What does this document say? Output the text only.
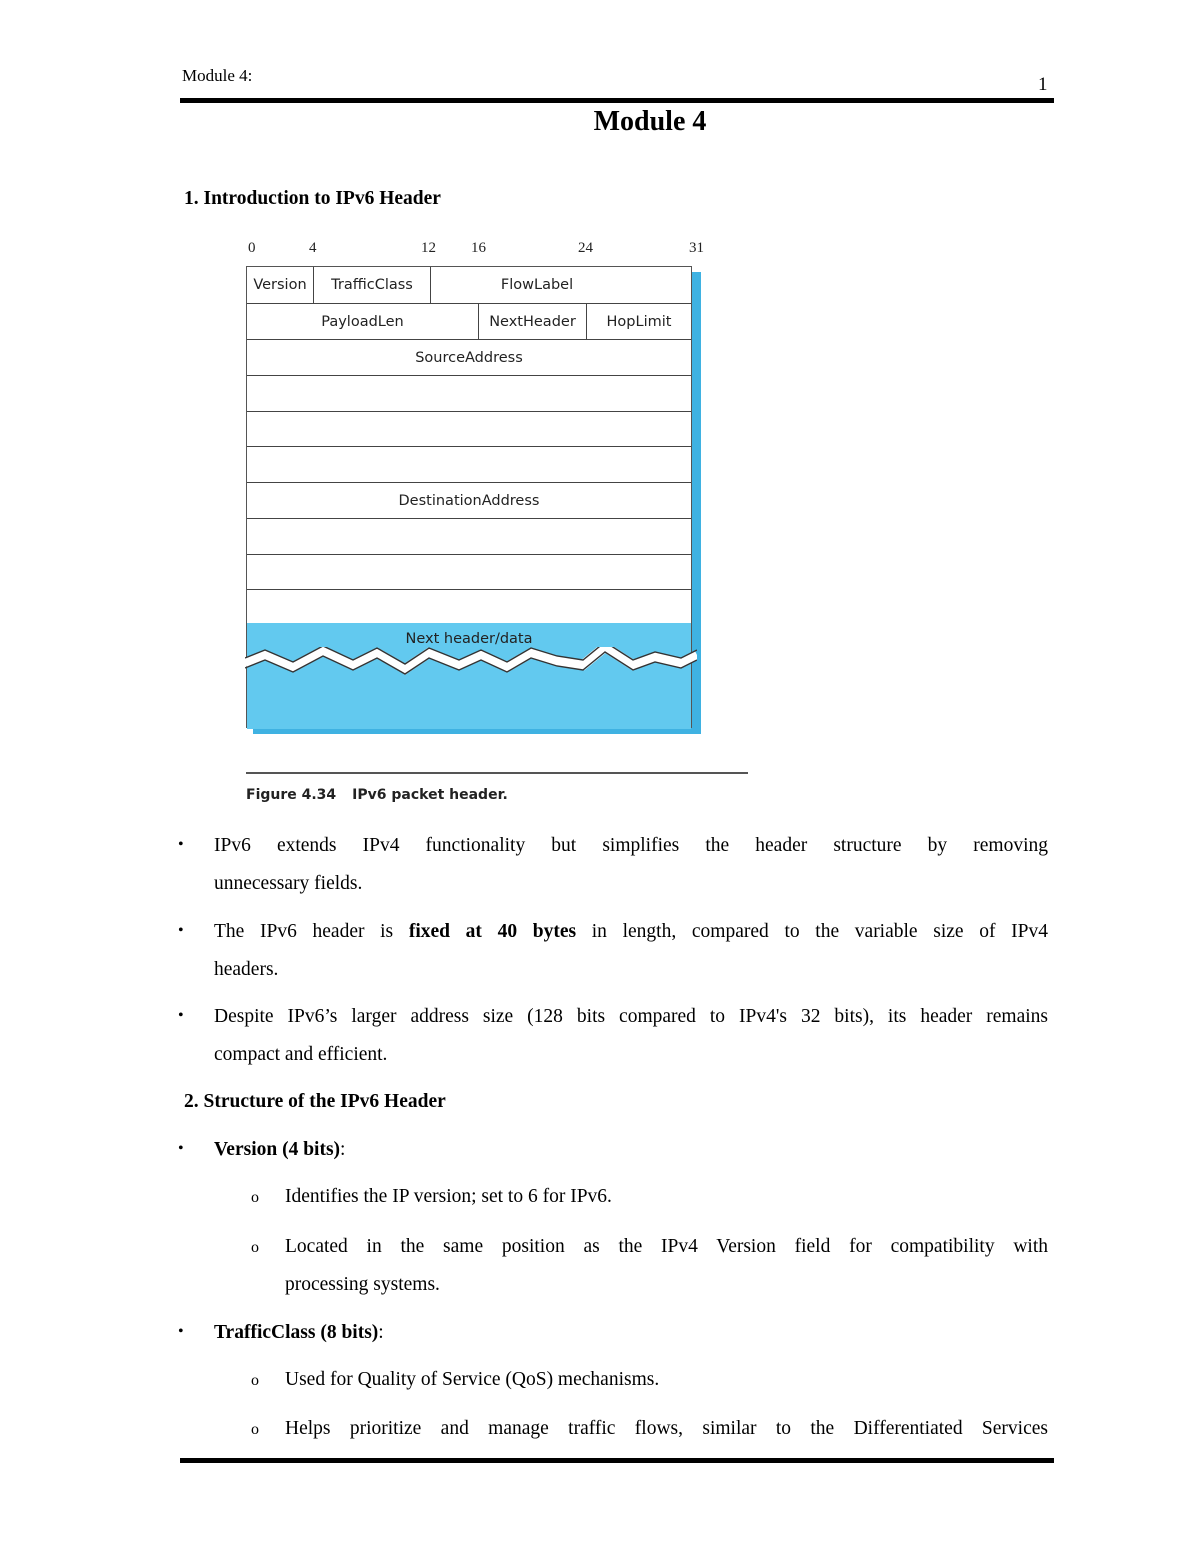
Module 4:	1
Module 4
1. Introduction to IPv6 Header
0	4	12 16	24	31
Version	TrafficClass	FlowLabel
PayloadLen	NextHeader	HopLimit
SourceAddress
DestinationAddress
Next header/data
Figure 4.34 IPv6 packet header.
• IPv6 extends IPv4 functionality but simplifies the header structure by removing
unnecessary fields.
• The IPv6 header is fixed at 40 bytes in length, compared to the variable size of IPv4
headers.
• Despite IPv6’s larger address size (128 bits compared to IPv4's 32 bits), its header remains
compact and efficient.
2. Structure of the IPv6 Header
• Version (4 bits):
o Identifies the IP version; set to 6 for IPv6.
o Located in the same position as the IPv4 Version field for compatibility with
processing systems.
• TrafficClass (8 bits):
o Used for Quality of Service (QoS) mechanisms.
o Helps prioritize and manage traffic flows, similar to the Differentiated Services
